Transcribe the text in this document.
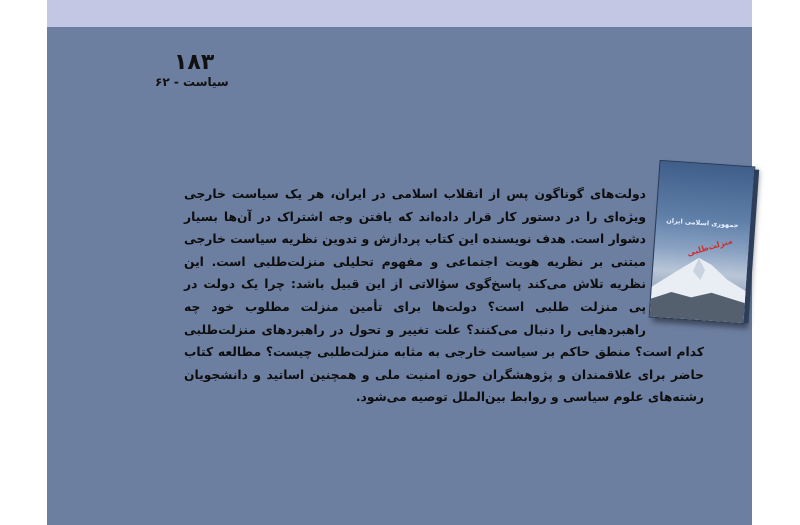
۱۸۳
سیاست - ۶۲

جمهوری اسلامی ایران
منزلت‌طلبی
دولت‌های گوناگون پس از انقلاب اسلامی در ایران، هر یک سیاست خارجی ویژه‌ای را در دستور کار قرار داده‌اند که یافتن وجه اشتراک در آن‌ها بسیار دشوار است. هدف نویسنده این کتاب پردازش و تدوین نظریه سیاست خارجی مبتنی بر نظریه هویت اجتماعی و مفهوم تحلیلی منزلت‌طلبی است. این نظریه تلاش می‌کند پاسخ‌گوی سؤالاتی از این قبیل باشد: چرا یک دولت در پی منزلت طلبی است؟ دولت‌ها برای تأمین منزلت مطلوب خود چه راهبردهایی را دنبال می‌کنند؟ علت تغییر و تحول در راهبردهای منزلت‌طلبی کدام است؟ منطق حاکم بر سیاست خارجی به مثابه منزلت‌طلبی چیست؟ مطالعه کتاب حاضر برای علاقمندان و پژوهشگران حوزه امنیت ملی و همچنین اساتید و دانشجویان رشته‌های علوم سیاسی و روابط بین‌الملل توصیه می‌شود.
